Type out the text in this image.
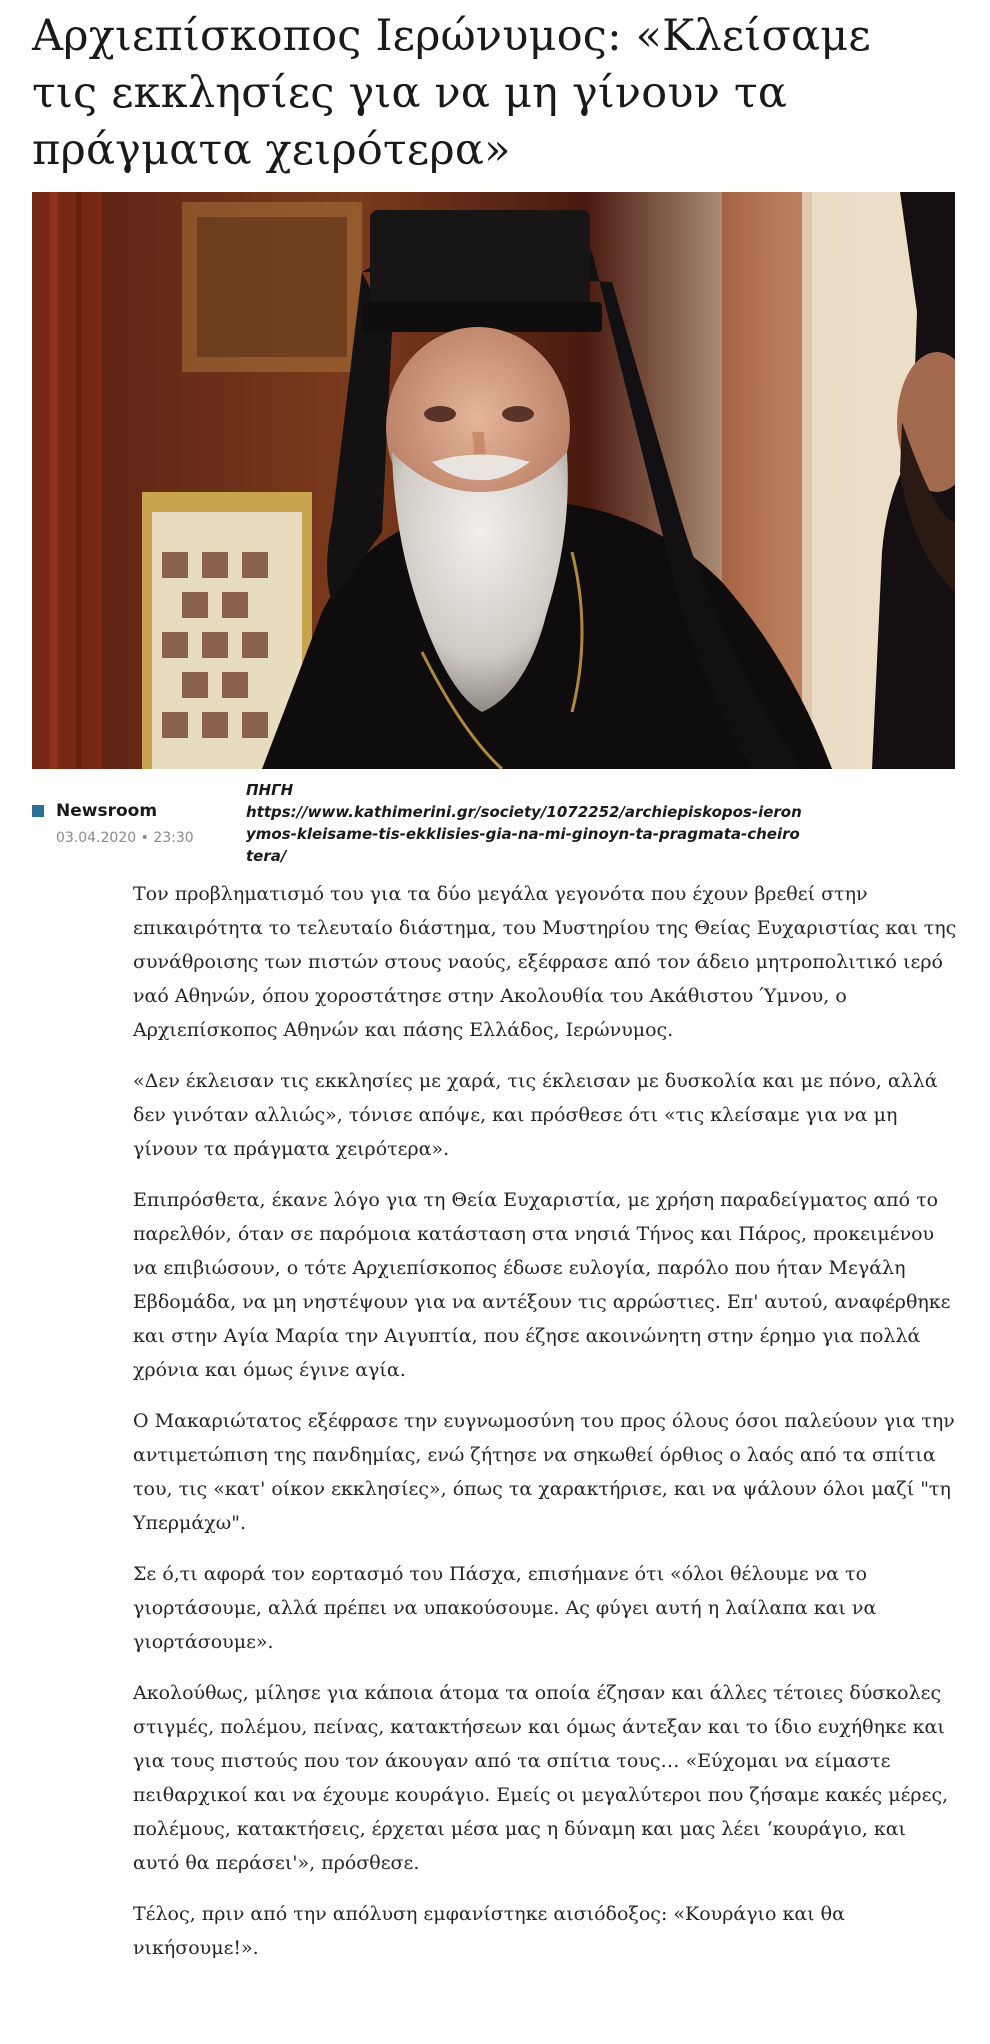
Αρχιεπίσκοπος Ιερώνυμος: «Κλείσαμε τις εκκλησίες για να μη γίνουν τα πράγματα χειρότερα»
Newsroom
03.04.2020 • 23:30
ΠΗΓΗ
https://www.kathimerini.gr/society/1072252/archiepiskopos-ieronymos-kleisame-tis-ekklisies-gia-na-mi-ginoyn-ta-pragmata-cheirotera/

Τον προβληματισμό του για τα δύο μεγάλα γεγονότα που έχουν βρεθεί στην επικαιρότητα το τελευταίο διάστημα, του Μυστηρίου της Θείας Ευχαριστίας και της συνάθροισης των πιστών στους ναούς, εξέφρασε από τον άδειο μητροπολιτικό ιερό ναό Αθηνών, όπου χοροστάτησε στην Ακολουθία του Ακάθιστου Ύμνου, ο Αρχιεπίσκοπος Αθηνών και πάσης Ελλάδος, Ιερώνυμος.

«Δεν έκλεισαν τις εκκλησίες με χαρά, τις έκλεισαν με δυσκολία και με πόνο, αλλά δεν γινόταν αλλιώς», τόνισε απόψε, και πρόσθεσε ότι «τις κλείσαμε για να μη γίνουν τα πράγματα χειρότερα».

Επιπρόσθετα, έκανε λόγο για τη Θεία Ευχαριστία, με χρήση παραδείγματος από το παρελθόν, όταν σε παρόμοια κατάσταση στα νησιά Τήνος και Πάρος, προκειμένου να επιβιώσουν, ο τότε Αρχιεπίσκοπος έδωσε ευλογία, παρόλο που ήταν Μεγάλη Εβδομάδα, να μη νηστέψουν για να αντέξουν τις αρρώστιες. Επ' αυτού, αναφέρθηκε και στην Αγία Μαρία την Αιγυπτία, που έζησε ακοινώνητη στην έρημο για πολλά χρόνια και όμως έγινε αγία.

Ο Μακαριώτατος εξέφρασε την ευγνωμοσύνη του προς όλους όσοι παλεύουν για την αντιμετώπιση της πανδημίας, ενώ ζήτησε να σηκωθεί όρθιος ο λαός από τα σπίτια του, τις «κατ' οίκον εκκλησίες», όπως τα χαρακτήρισε, και να ψάλουν όλοι μαζί "τη Υπερμάχω".

Σε ό,τι αφορά τον εορτασμό του Πάσχα, επισήμανε ότι «όλοι θέλουμε να το γιορτάσουμε, αλλά πρέπει να υπακούσουμε. Ας φύγει αυτή η λαίλαπα και να γιορτάσουμε».

Ακολούθως, μίλησε για κάποια άτομα τα οποία έζησαν και άλλες τέτοιες δύσκολες στιγμές, πολέμου, πείνας, κατακτήσεων και όμως άντεξαν και το ίδιο ευχήθηκε και για τους πιστούς που τον άκουγαν από τα σπίτια τους… «Εύχομαι να είμαστε πειθαρχικοί και να έχουμε κουράγιο. Εμείς οι μεγαλύτεροι που ζήσαμε κακές μέρες, πολέμους, κατακτήσεις, έρχεται μέσα μας η δύναμη και μας λέει ‘κουράγιο, και αυτό θα περάσει'», πρόσθεσε.

Τέλος, πριν από την απόλυση εμφανίστηκε αισιόδοξος: «Κουράγιο και θα νικήσουμε!».
